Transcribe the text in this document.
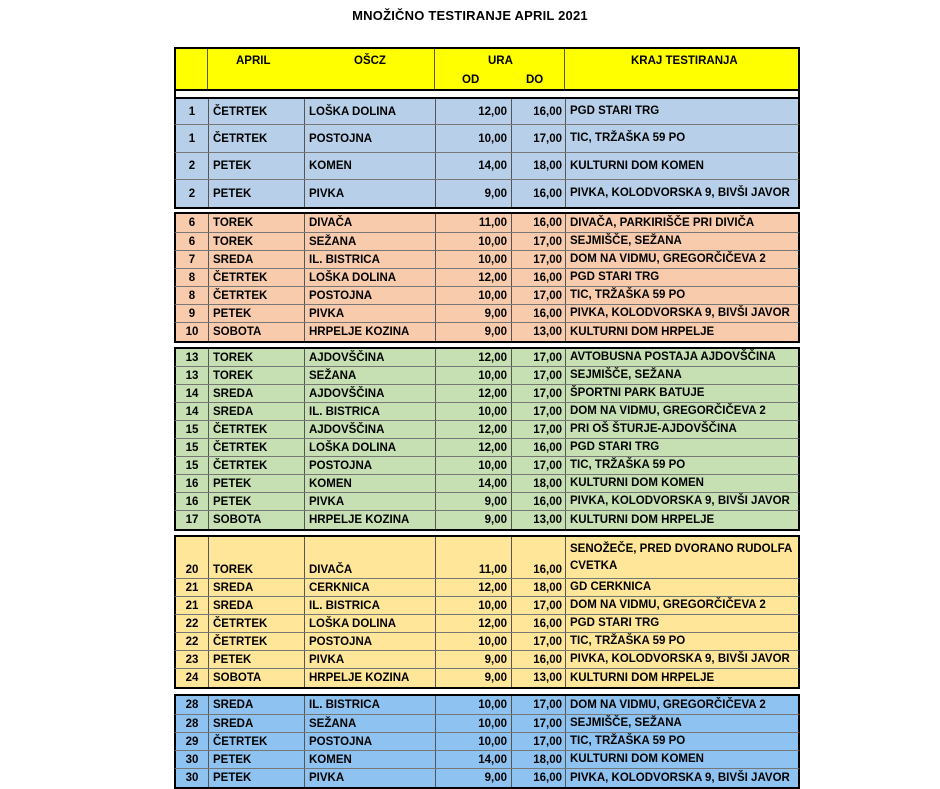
MNOŽIČNO TESTIRANJE APRIL 2021
APRIL	OŠCZ	URA
OD	DO
KRAJ TESTIRANJA
1	ČETRTEK	LOŠKA DOLINA	12,00	16,00 PGD STARI TRG
1	ČETRTEK	POSTOJNA	10,00	17,00 TIC, TRŽAŠKA 59 PO
2	PETEK	KOMEN	14,00	18,00 KULTURNI DOM KOMEN
2	PETEK	PIVKA	9,00	16,00 PIVKA, KOLODVORSKA 9, BIVŠI JAVOR
6	TOREK	DIVAČA	11,00	16,00 DIVAČA, PARKIRIŠČE PRI DIVIČA
6	TOREK	SEŽANA	10,00	17,00 SEJMIŠČE, SEŽANA
7	SREDA	IL. BISTRICA	10,00	17,00 DOM NA VIDMU, GREGORČIČEVA 2
8	ČETRTEK	LOŠKA DOLINA	12,00	16,00 PGD STARI TRG
8	ČETRTEK	POSTOJNA	10,00	17,00 TIC, TRŽAŠKA 59 PO
9	PETEK	PIVKA	9,00	16,00 PIVKA, KOLODVORSKA 9, BIVŠI JAVOR
10	SOBOTA	HRPELJE KOZINA	9,00	13,00 KULTURNI DOM HRPELJE
13	TOREK	AJDOVŠČINA	12,00	17,00 AVTOBUSNA POSTAJA AJDOVŠČINA
13	TOREK	SEŽANA	10,00	17,00 SEJMIŠČE, SEŽANA
14	SREDA	AJDOVŠČINA	12,00	17,00 ŠPORTNI PARK BATUJE
14	SREDA	IL. BISTRICA	10,00	17,00 DOM NA VIDMU, GREGORČIČEVA 2
15	ČETRTEK	AJDOVŠČINA	12,00	17,00 PRI OŠ ŠTURJE-AJDOVŠČINA
15	ČETRTEK	LOŠKA DOLINA	12,00	16,00 PGD STARI TRG
15	ČETRTEK	POSTOJNA	10,00	17,00 TIC, TRŽAŠKA 59 PO
16	PETEK	KOMEN	14,00	18,00 KULTURNI DOM KOMEN
16	PETEK	PIVKA	9,00	16,00 PIVKA, KOLODVORSKA 9, BIVŠI JAVOR
17	SOBOTA	HRPELJE KOZINA	9,00	13,00 KULTURNI DOM HRPELJE
20	TOREK	DIVAČA	11,00	16,00
SENOŽEČE, PRED DVORANO RUDOLFA CVETKA
21	SREDA	CERKNICA	12,00	18,00 GD CERKNICA
21	SREDA	IL. BISTRICA	10,00	17,00 DOM NA VIDMU, GREGORČIČEVA 2
22	ČETRTEK	LOŠKA DOLINA	12,00	16,00 PGD STARI TRG
22	ČETRTEK	POSTOJNA	10,00	17,00 TIC, TRŽAŠKA 59 PO
23	PETEK	PIVKA	9,00	16,00 PIVKA, KOLODVORSKA 9, BIVŠI JAVOR
24	SOBOTA	HRPELJE KOZINA	9,00	13,00 KULTURNI DOM HRPELJE
28	SREDA	IL. BISTRICA	10,00	17,00 DOM NA VIDMU, GREGORČIČEVA 2
28	SREDA	SEŽANA	10,00	17,00 SEJMIŠČE, SEŽANA
29	ČETRTEK	POSTOJNA	10,00	17,00 TIC, TRŽAŠKA 59 PO
30	PETEK	KOMEN	14,00	18,00 KULTURNI DOM KOMEN
30	PETEK	PIVKA	9,00	16,00 PIVKA, KOLODVORSKA 9, BIVŠI JAVOR
